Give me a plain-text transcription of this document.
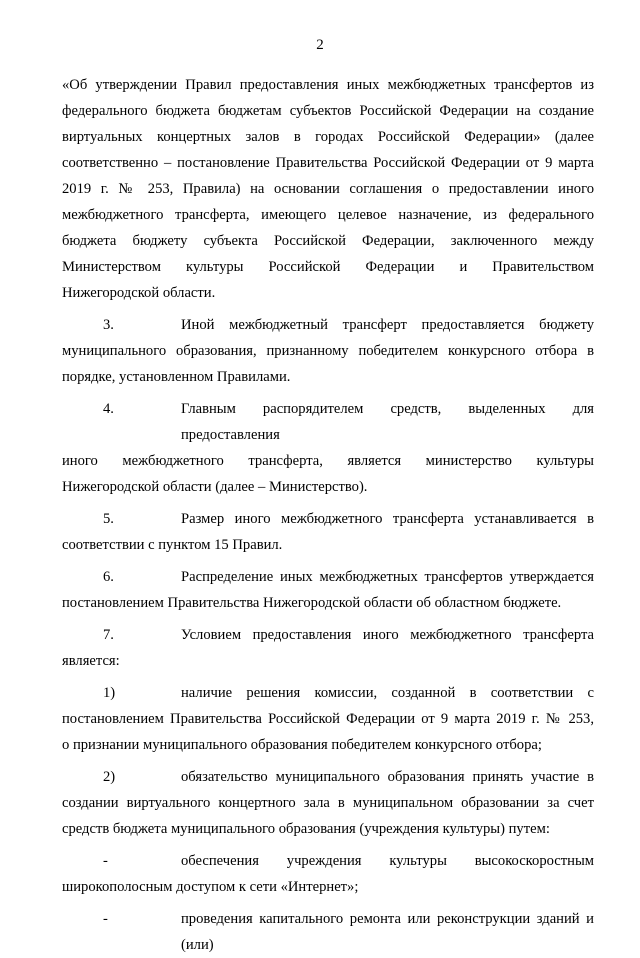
2
«Об утверждении Правил предоставления иных межбюджетных трансфертов из
федерального бюджета бюджетам субъектов Российской Федерации на создание
виртуальных концертных залов в городах Российской Федерации» (далее
соответственно – постановление Правительства Российской Федерации от 9 марта
2019 г. № 253, Правила) на основании соглашения о предоставлении иного
межбюджетного трансферта, имеющего целевое назначение, из федерального
бюджета бюджету субъекта Российской Федерации, заключенного между
Министерством культуры Российской Федерации и Правительством
Нижегородской области.
3.	Иной межбюджетный трансферт предоставляется бюджету
муниципального образования, признанному победителем конкурсного отбора в
порядке, установленном Правилами.
4.	Главным распорядителем средств, выделенных для предоставления
иного межбюджетного трансферта, является министерство культуры
Нижегородской области (далее – Министерство).
5.	Размер иного межбюджетного трансферта устанавливается в
соответствии с пунктом 15 Правил.
6.	Распределение иных межбюджетных трансфертов утверждается
постановлением Правительства Нижегородской области об областном бюджете.
7.	Условием предоставления иного межбюджетного трансферта
является:
1)	наличие решения комиссии, созданной в соответствии с
постановлением Правительства Российской Федерации от 9 марта 2019 г. № 253,
о признании муниципального образования победителем конкурсного отбора;
2)	обязательство муниципального образования принять участие в
создании виртуального концертного зала в муниципальном образовании за счет
средств бюджета муниципального образования (учреждения культуры) путем:
-	обеспечения учреждения культуры высокоскоростным
широкополосным доступом к сети «Интернет»;
-	проведения капитального ремонта или реконструкции зданий и (или)
